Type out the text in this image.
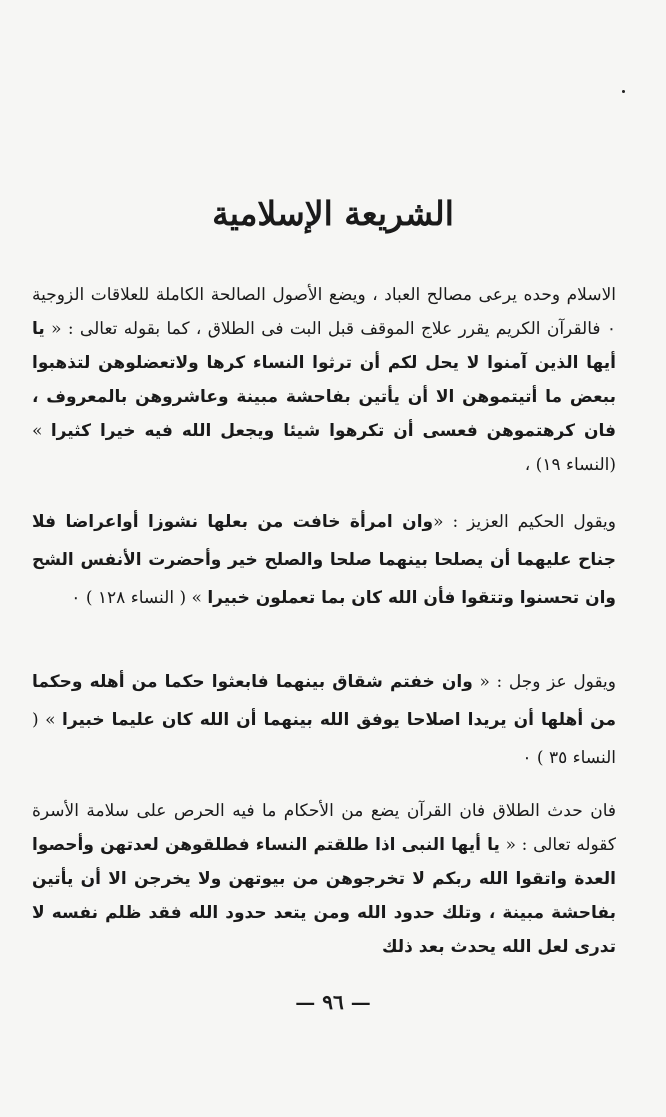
الشريعة الإسلامية

الاسلام وحده يرعى مصالح العباد ، ويضع الأصول الصالحة الكاملة للعلاقات الزوجية ٠ فالقرآن الكريم يقرر علاج الموقف قبل البت فى الطلاق ، كما بقوله تعالى : « يا أيها الذين آمنوا لا يحل لكم أن ترثوا النساء كرها ولاتعضلوهن لتذهبوا ببعض ما أتيتموهن الا أن يأتين بفاحشة مبينة وعاشروهن بالمعروف ، فان كرهتموهن فعسى أن تكرهوا شيئا ويجعل الله فيه خيرا كثيرا » (النساء ١٩) ،

ويقول الحكيم العزيز : «وان امرأة خافت من بعلها نشوزا أواعراضا فلا جناح عليهما أن يصلحا بينهما صلحا والصلح خير وأحضرت الأنفس الشح وان تحسنوا وتتقوا فأن الله كان بما تعملون خبيرا » ( النساء ١٢٨ ) ٠

ويقول عز وجل : « وان خفتم شقاق بينهما فابعثوا حكما من أهله وحكما من أهلها أن يريدا اصلاحا يوفق الله بينهما أن الله كان عليما خبيرا » ( النساء ٣٥ ) ٠

فان حدث الطلاق فان القرآن يضع من الأحكام ما فيه الحرص على سلامة الأسرة كقوله تعالى : « يا أيها النبى اذا طلقتم النساء فطلقوهن لعدتهن وأحصوا العدة واتقوا الله ربكم لا تخرجوهن من بيوتهن ولا يخرجن الا أن يأتين بفاحشة مبينة ، وتلك حدود الله ومن يتعد حدود الله فقد ظلم نفسه لا تدرى لعل الله يحدث بعد ذلك

— ٩٦ —
